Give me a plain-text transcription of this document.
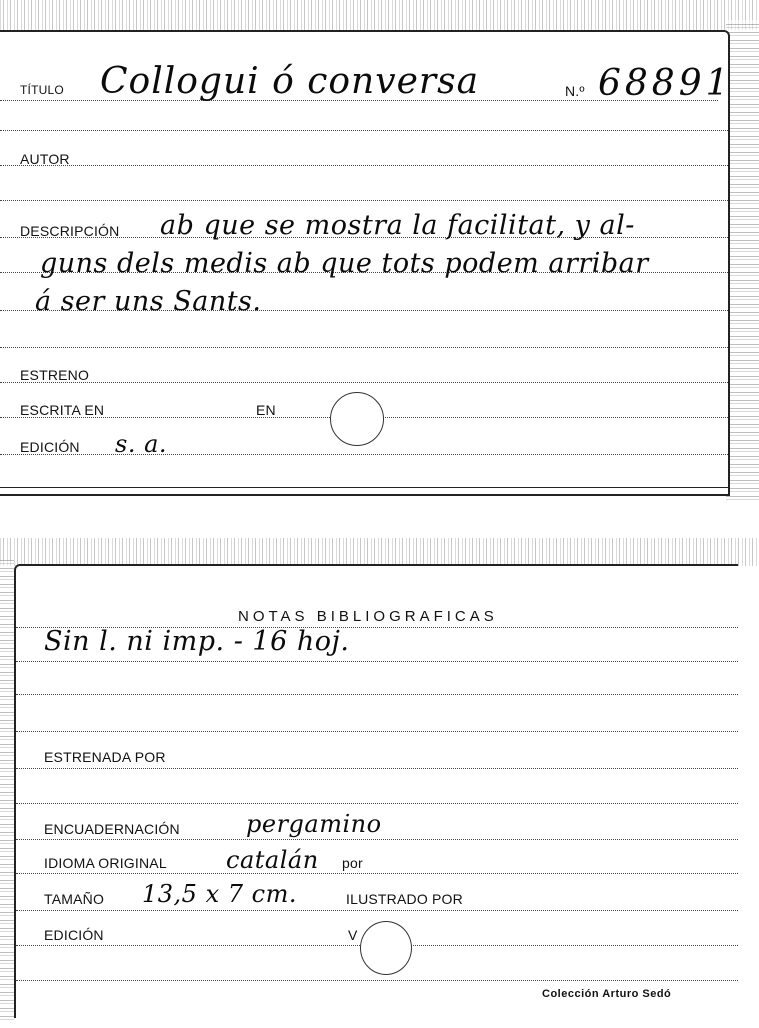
TÍTULO Collogui ó conversa	N.º 68891
AUTOR
DESCRIPCIÓN ab que se mostra la facilitat, y al-
guns dels medis ab que tots podem arribar
á ser uns Sants.
ESTRENO
ESCRITA EN	EN
EDICIÓN s. a.
NOTAS BIBLIOGRAFICAS
Sin l. ni imp. - 16 hoj.
ESTRENADA POR
ENCUADERNACIÓN	pergamino
IDIOMA ORIGINAL catalán por
TAMAÑO 13,5 x 7 cm.	ILUSTRADO POR
EDICIÓN	V
Colección Arturo Sedó
